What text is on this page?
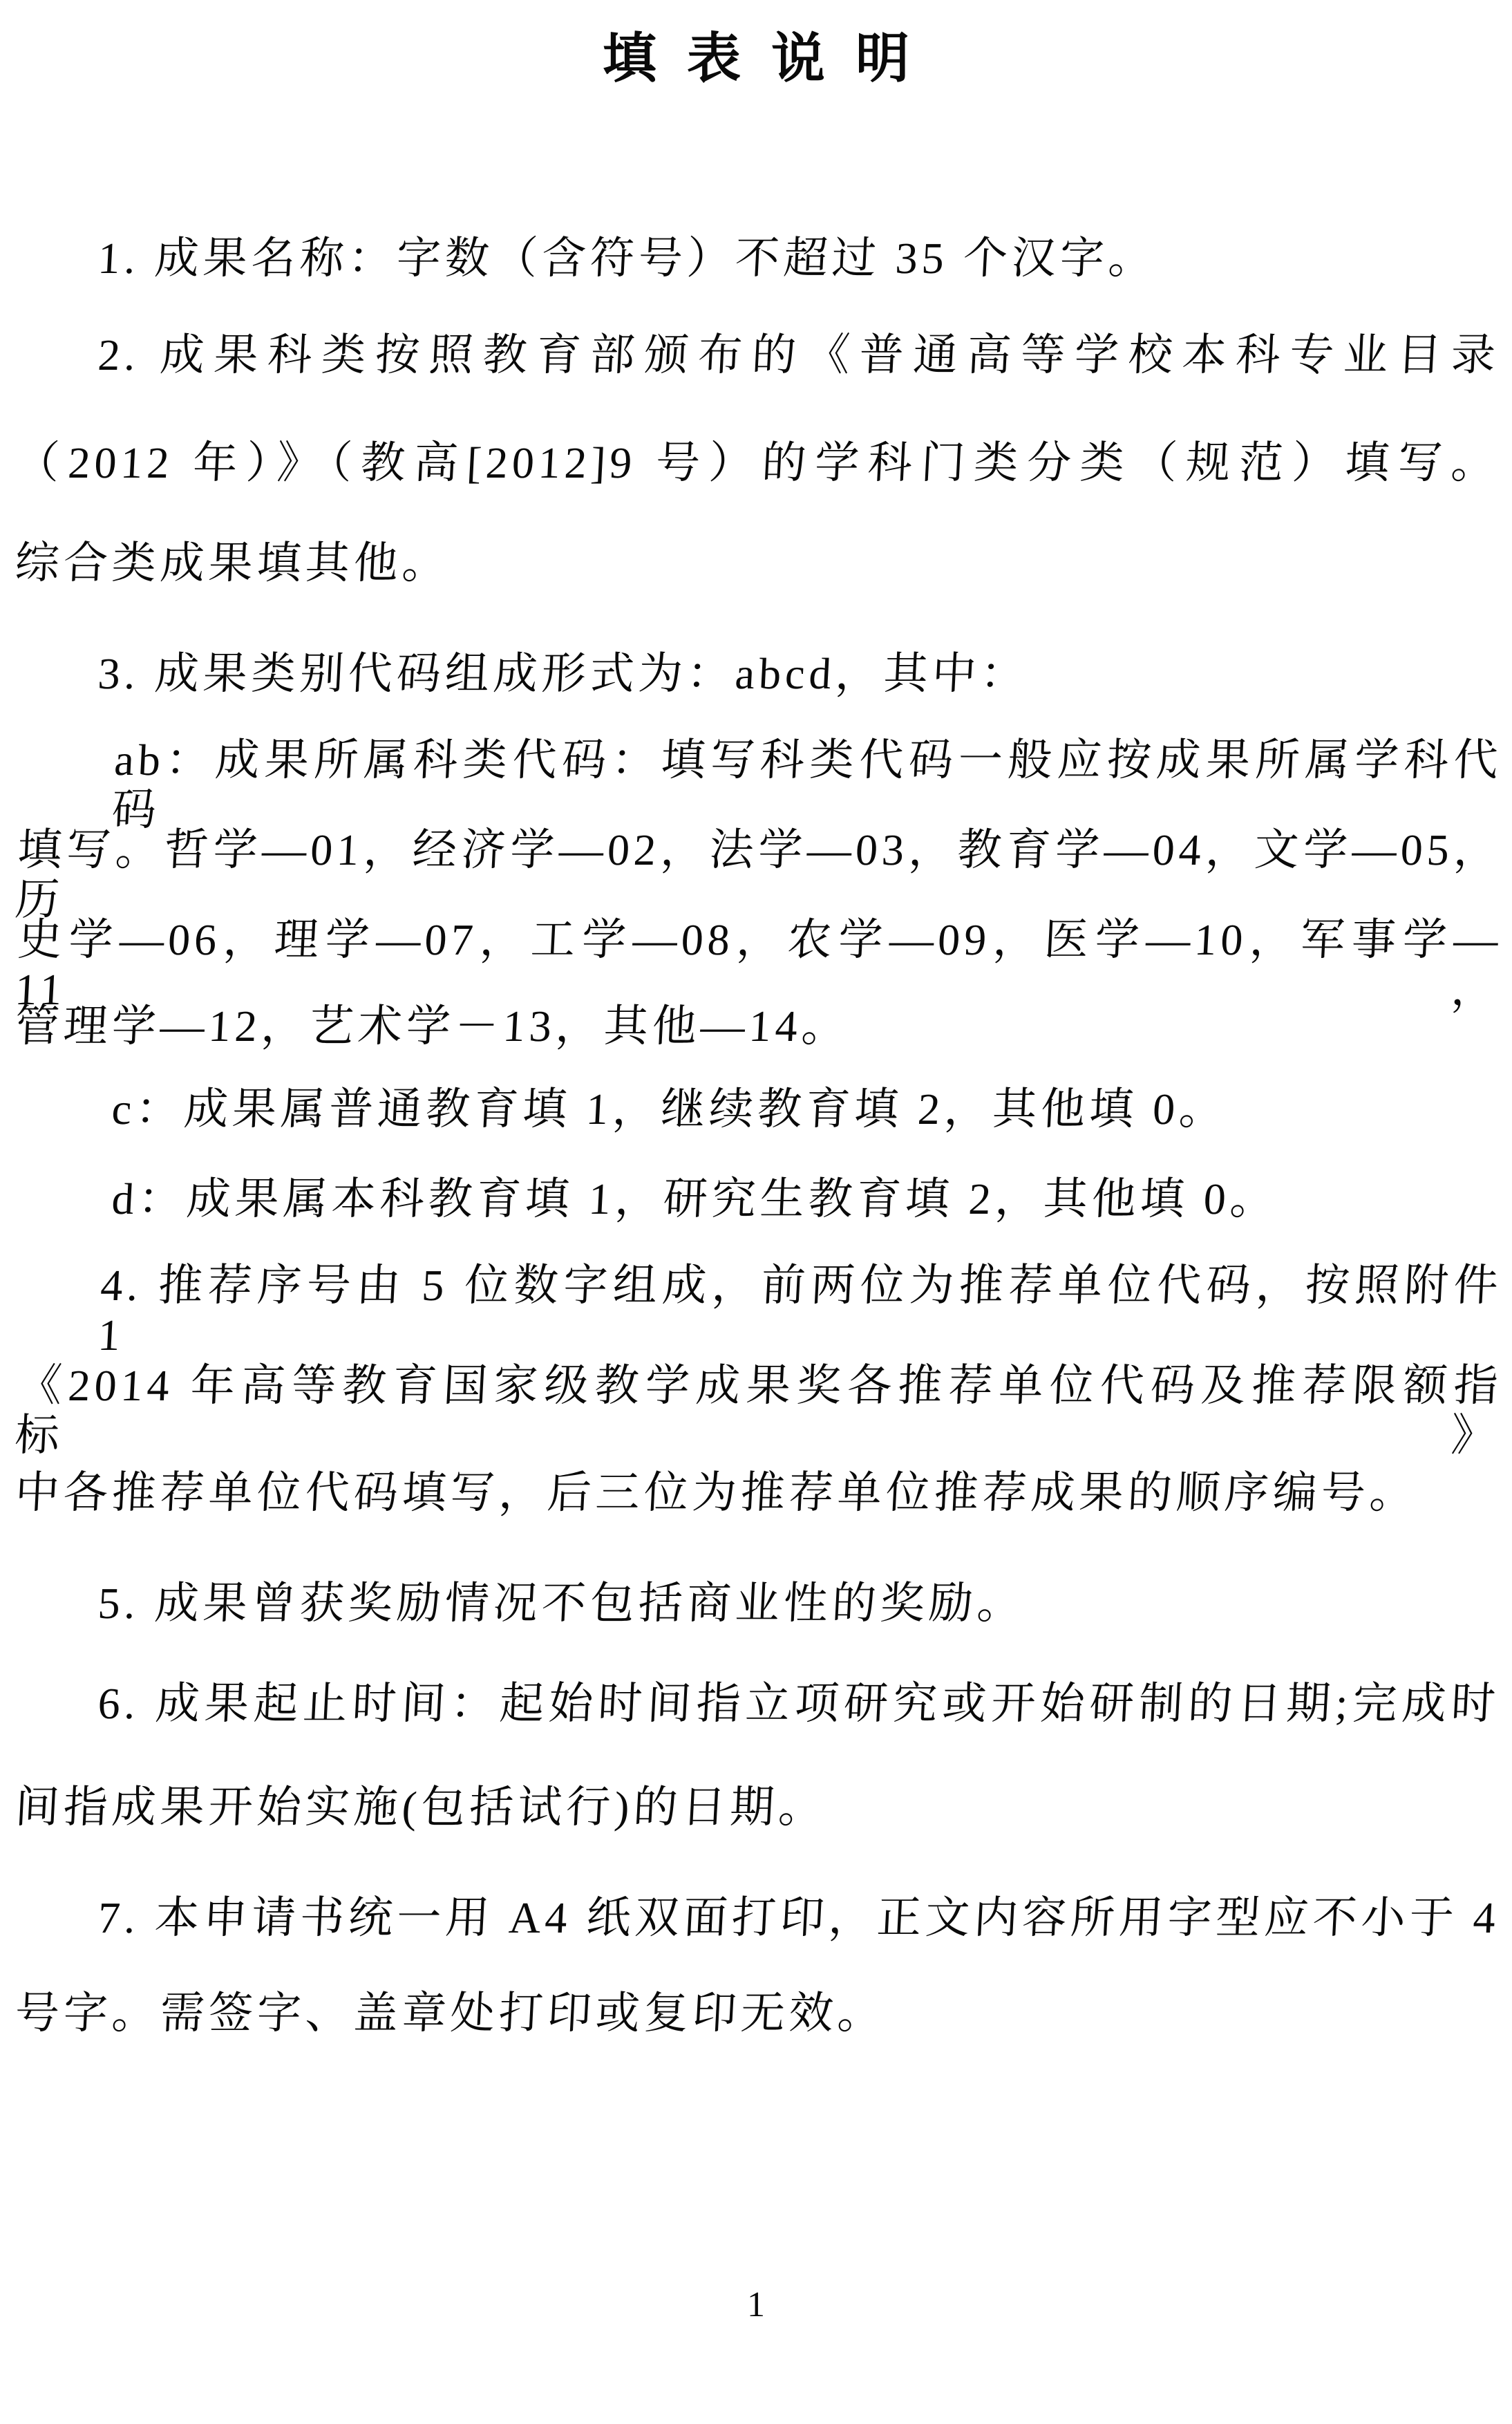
填表说明
1. 成果名称：字数（含符号）不超过 35 个汉字。
2. 成果科类按照教育部颁布的《普通高等学校本科专业目录
（2012 年）》（教高[2012]9 号）的学科门类分类（规范）填写。
综合类成果填其他。
3. 成果类别代码组成形式为：abcd，其中：
ab：成果所属科类代码：填写科类代码一般应按成果所属学科代码
填写。哲学—01，经济学—02，法学—03，教育学—04，文学—05，历
史学—06，理学—07，工学—08，农学—09，医学—10，军事学—11，
管理学—12，艺术学－13，其他—14。
c：成果属普通教育填 1，继续教育填 2，其他填 0。
d：成果属本科教育填 1，研究生教育填 2，其他填 0。
4. 推荐序号由 5 位数字组成，前两位为推荐单位代码，按照附件 1
《2014 年高等教育国家级教学成果奖各推荐单位代码及推荐限额指标》
中各推荐单位代码填写，后三位为推荐单位推荐成果的顺序编号。
5. 成果曾获奖励情况不包括商业性的奖励。
6. 成果起止时间：起始时间指立项研究或开始研制的日期;完成时
间指成果开始实施(包括试行)的日期。
7. 本申请书统一用 A4 纸双面打印，正文内容所用字型应不小于 4
号字。需签字、盖章处打印或复印无效。
1
